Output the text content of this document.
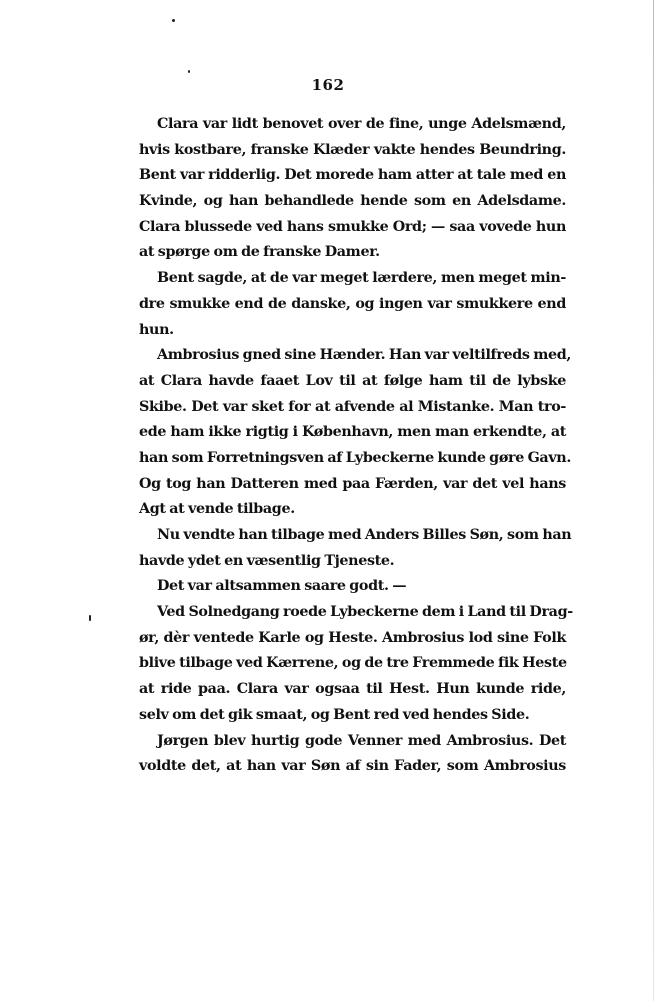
162
Clara var lidt benovet over de fine, unge Adelsmænd,
hvis kostbare, franske Klæder vakte hendes Beundring.
Bent var ridderlig. Det morede ham atter at tale med en
Kvinde, og han behandlede hende som en Adelsdame.
Clara blussede ved hans smukke Ord; — saa vovede hun
at spørge om de franske Damer.
Bent sagde, at de var meget lærdere, men meget min-
dre smukke end de danske, og ingen var smukkere end
hun.
Ambrosius gned sine Hænder. Han var veltilfreds med,
at Clara havde faaet Lov til at følge ham til de lybske
Skibe. Det var sket for at afvende al Mistanke. Man tro-
ede ham ikke rigtig i København, men man erkendte, at
han som Forretningsven af Lybeckerne kunde gøre Gavn.
Og tog han Datteren med paa Færden, var det vel hans
Agt at vende tilbage.
Nu vendte han tilbage med Anders Billes Søn, som han
havde ydet en væsentlig Tjeneste.
Det var altsammen saare godt. —
Ved Solnedgang roede Lybeckerne dem i Land til Drag-
ør, dèr ventede Karle og Heste. Ambrosius lod sine Folk
blive tilbage ved Kærrene, og de tre Fremmede fik Heste
at ride paa. Clara var ogsaa til Hest. Hun kunde ride,
selv om det gik smaat, og Bent red ved hendes Side.
Jørgen blev hurtig gode Venner med Ambrosius. Det
voldte det, at han var Søn af sin Fader, som Ambrosius
